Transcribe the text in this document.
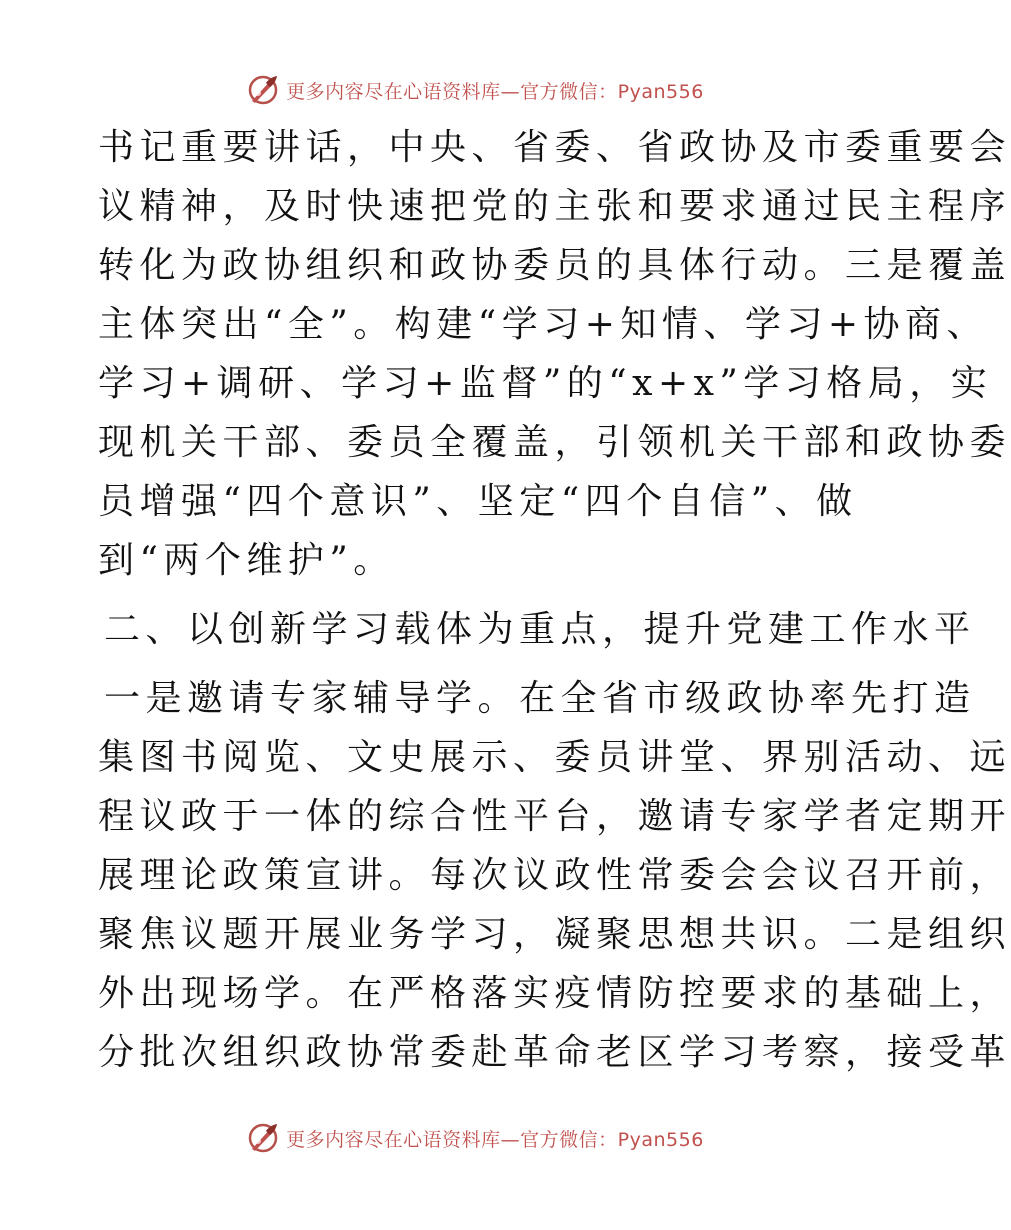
更多内容尽在心语资料库—官方微信：Pyan556
书记重要讲话，中央、省委、省政协及市委重要会
议精神，及时快速把党的主张和要求通过民主程序
转化为政协组织和政协委员的具体行动。三是覆盖
主体突出“全”。构建“学习+知情、学习+协商、
学习+调研、学习+监督”的“x+x”学习格局，实
现机关干部、委员全覆盖，引领机关干部和政协委
员增强“四个意识”、坚定“四个自信”、做
到“两个维护”。
二、以创新学习载体为重点，提升党建工作水平
一是邀请专家辅导学。在全省市级政协率先打造
集图书阅览、文史展示、委员讲堂、界别活动、远
程议政于一体的综合性平台，邀请专家学者定期开
展理论政策宣讲。每次议政性常委会会议召开前，
聚焦议题开展业务学习，凝聚思想共识。二是组织
外出现场学。在严格落实疫情防控要求的基础上，
分批次组织政协常委赴革命老区学习考察，接受革
更多内容尽在心语资料库—官方微信：Pyan556
